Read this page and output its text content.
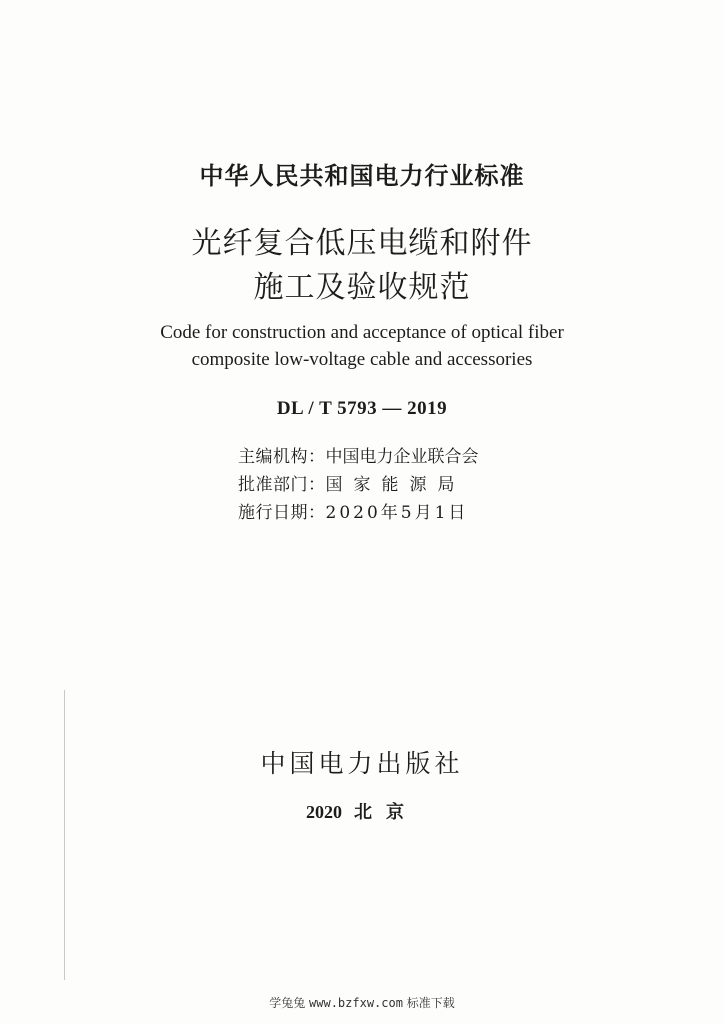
中华人民共和国电力行业标准
光纤复合低压电缆和附件
施工及验收规范
Code for construction and acceptance of optical fiber
composite low-voltage cable and accessories
DL / T 5793 — 2019
主编机构：中国电力企业联合会
批准部门：国家能源局
施行日期：2020年5月1日
中国电力出版社
2020 北京
学兔兔 www.bzfxw.com 标准下载
